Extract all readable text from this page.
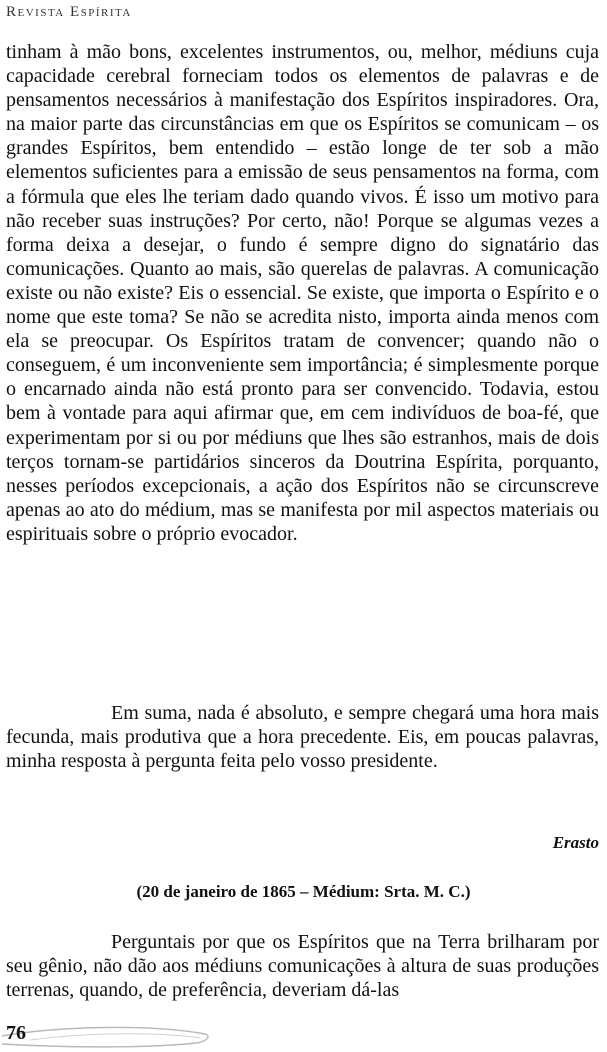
Revista Espírita

tinham à mão bons, excelentes instrumentos, ou, melhor, médiuns cuja capacidade cerebral forneciam todos os elementos de palavras e de pensamentos necessários à manifestação dos Espíritos inspiradores. Ora, na maior parte das circunstâncias em que os Espíritos se comunicam – os grandes Espíritos, bem entendido – estão longe de ter sob a mão elementos suficientes para a emissão de seus pensamentos na forma, com a fórmula que eles lhe teriam dado quando vivos. É isso um motivo para não receber suas instruções? Por certo, não! Porque se algumas vezes a forma deixa a desejar, o fundo é sempre digno do signatário das comunicações. Quanto ao mais, são querelas de palavras. A comunicação existe ou não existe? Eis o essencial. Se existe, que importa o Espírito e o nome que este toma? Se não se acredita nisto, importa ainda menos com ela se preocupar. Os Espíritos tratam de convencer; quando não o conseguem, é um inconveniente sem importância; é simplesmente porque o encarnado ainda não está pronto para ser convencido. Todavia, estou bem à vontade para aqui afirmar que, em cem indivíduos de boa-fé, que experimentam por si ou por médiuns que lhes são estranhos, mais de dois terços tornam-se partidários sinceros da Doutrina Espírita, porquanto, nesses períodos excepcionais, a ação dos Espíritos não se circunscreve apenas ao ato do médium, mas se manifesta por mil aspectos materiais ou espirituais sobre o próprio evocador.

Em suma, nada é absoluto, e sempre chegará uma hora mais fecunda, mais produtiva que a hora precedente. Eis, em poucas palavras, minha resposta à pergunta feita pelo vosso presidente.

Erasto
(20 de janeiro de 1865 – Médium: Srta. M. C.)

Perguntais por que os Espíritos que na Terra brilharam por seu gênio, não dão aos médiuns comunicações à altura de suas produções terrenas, quando, de preferência, deveriam dá-las

76
